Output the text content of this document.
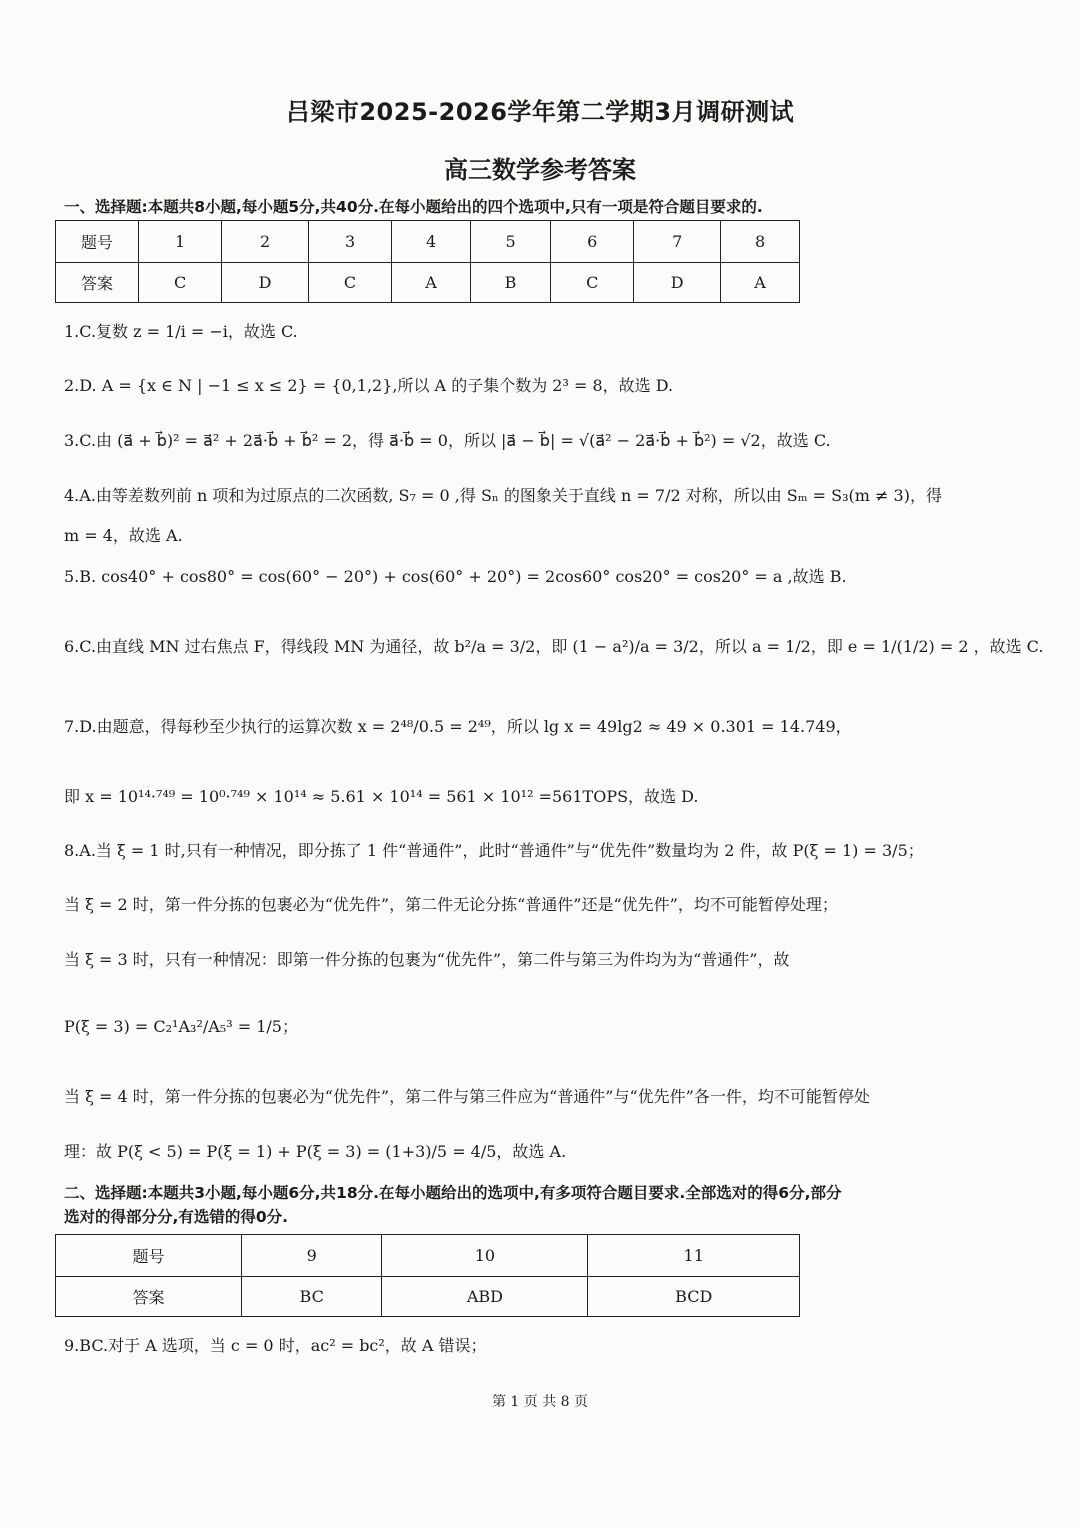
吕梁市2025-2026学年第二学期3月调研测试
高三数学参考答案
一、选择题:本题共8小题,每小题5分,共40分.在每小题给出的四个选项中,只有一项是符合题目要求的.
题号	1	2	3	4	5	6	7	8
答案	C	D	C	A	B	C	D	A
1.C.复数 z = 1/i = −i，故选 C.
2.D. A = {x ∈ N | −1 ≤ x ≤ 2} = {0,1,2},所以 A 的子集个数为 2³ = 8，故选 D.
3.C.由 (a⃗ + b⃗)² = a⃗² + 2a⃗·b⃗ + b⃗² = 2，得 a⃗·b⃗ = 0，所以 |a⃗ − b⃗| = √(a⃗² − 2a⃗·b⃗ + b⃗²) = √2，故选 C.
4.A.由等差数列前 n 项和为过原点的二次函数, S₇ = 0 ,得 Sₙ 的图象关于直线 n = 7/2 对称，所以由 Sₘ = S₃(m ≠ 3)，得
m = 4，故选 A.
5.B. cos40° + cos80° = cos(60° − 20°) + cos(60° + 20°) = 2cos60° cos20° = cos20° = a ,故选 B.
6.C.由直线 MN 过右焦点 F，得线段 MN 为通径，故 b²/a = 3/2，即 (1 − a²)/a = 3/2，所以 a = 1/2，即 e = 1/(1/2) = 2 ，故选 C.
7.D.由题意，得每秒至少执行的运算次数 x = 2⁴⁸/0.5 = 2⁴⁹，所以 lg x = 49lg2 ≈ 49 × 0.301 = 14.749，
即 x = 10¹⁴·⁷⁴⁹ = 10⁰·⁷⁴⁹ × 10¹⁴ ≈ 5.61 × 10¹⁴ = 561 × 10¹² =561TOPS，故选 D.
8.A.当 ξ = 1 时,只有一种情况，即分拣了 1 件“普通件”，此时“普通件”与“优先件”数量均为 2 件，故 P(ξ = 1) = 3/5；
当 ξ = 2 时，第一件分拣的包裹必为“优先件”，第二件无论分拣“普通件”还是“优先件”，均不可能暂停处理；
当 ξ = 3 时，只有一种情况：即第一件分拣的包裹为“优先件”，第二件与第三为件均为为“普通件”，故
P(ξ = 3) = C₂¹A₃²/A₅³ = 1/5；
当 ξ = 4 时，第一件分拣的包裹必为“优先件”，第二件与第三件应为“普通件”与“优先件”各一件，均不可能暂停处
理：故 P(ξ < 5) = P(ξ = 1) + P(ξ = 3) = (1+3)/5 = 4/5，故选 A.
二、选择题:本题共3小题,每小题6分,共18分.在每小题给出的选项中,有多项符合题目要求.全部选对的得6分,部分
选对的得部分分,有选错的得0分.
题号	9	10	11
答案	BC	ABD	BCD
9.BC.对于 A 选项，当 c = 0 时，ac² = bc²，故 A 错误；
第 1 页 共 8 页
